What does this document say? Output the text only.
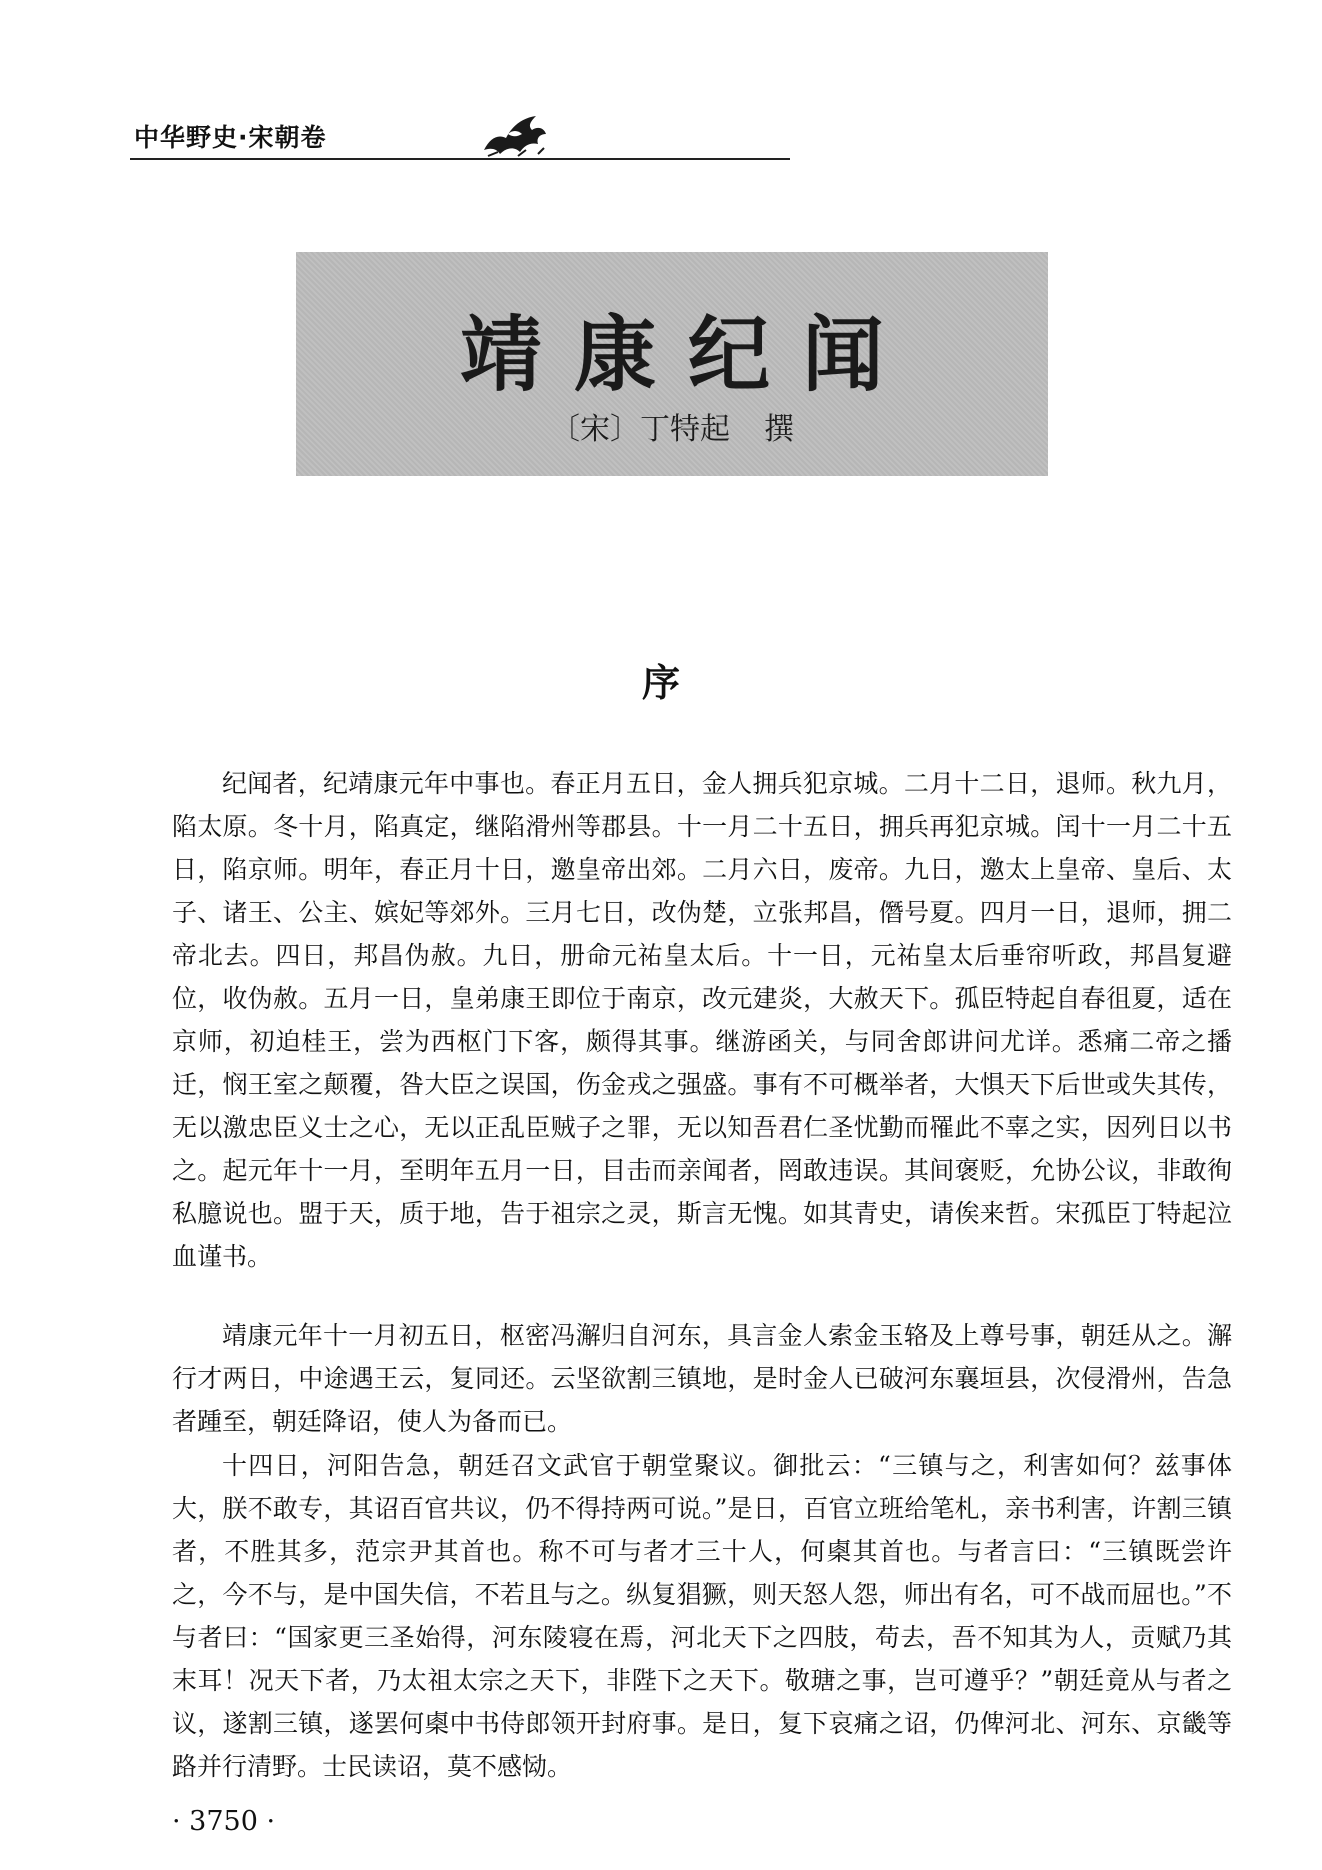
中华野史·宋朝卷
靖康纪闻
〔宋〕丁特起 撰
序

纪闻者，纪靖康元年中事也。春正月五日，金人拥兵犯京城。二月十二日，退师。秋九月，陷太原。冬十月，陷真定，继陷滑州等郡县。十一月二十五日，拥兵再犯京城。闰十一月二十五日，陷京师。明年，春正月十日，邀皇帝出郊。二月六日，废帝。九日，邀太上皇帝、皇后、太子、诸王、公主、嫔妃等郊外。三月七日，改伪楚，立张邦昌，僭号夏。四月一日，退师，拥二帝北去。四日，邦昌伪赦。九日，册命元祐皇太后。十一日，元祐皇太后垂帘听政，邦昌复避位，收伪赦。五月一日，皇弟康王即位于南京，改元建炎，大赦天下。孤臣特起自春徂夏，适在京师，初迫桂王，尝为西枢门下客，颇得其事。继游函关，与同舍郎讲问尤详。悉痛二帝之播迁，悯王室之颠覆，咎大臣之误国，伤金戎之强盛。事有不可概举者，大惧天下后世或失其传，无以激忠臣义士之心，无以正乱臣贼子之罪，无以知吾君仁圣忧勤而罹此不辜之实，因列日以书之。起元年十一月，至明年五月一日，目击而亲闻者，罔敢违误。其间褒贬，允协公议，非敢徇私臆说也。盟于天，质于地，告于祖宗之灵，斯言无愧。如其青史，请俟来哲。宋孤臣丁特起泣血谨书。

靖康元年十一月初五日，枢密冯澥归自河东，具言金人索金玉辂及上尊号事，朝廷从之。澥行才两日，中途遇王云，复同还。云坚欲割三镇地，是时金人已破河东襄垣县，次侵滑州，告急者踵至，朝廷降诏，使人为备而已。

十四日，河阳告急，朝廷召文武官于朝堂聚议。御批云：“三镇与之，利害如何？兹事体大，朕不敢专，其诏百官共议，仍不得持两可说。”是日，百官立班给笔札，亲书利害，许割三镇者，不胜其多，范宗尹其首也。称不可与者才三十人，何㮚其首也。与者言曰：“三镇既尝许之，今不与，是中国失信，不若且与之。纵复猖獗，则天怒人怨，师出有名，可不战而屈也。”不与者曰：“国家更三圣始得，河东陵寝在焉，河北天下之四肢，苟去，吾不知其为人，贡赋乃其末耳！况天下者，乃太祖太宗之天下，非陛下之天下。敬瑭之事，岂可遵乎？”朝廷竟从与者之议，遂割三镇，遂罢何㮚中书侍郎领开封府事。是日，复下哀痛之诏，仍俾河北、河东、京畿等路并行清野。士民读诏，莫不感恸。

· 3750 ·
